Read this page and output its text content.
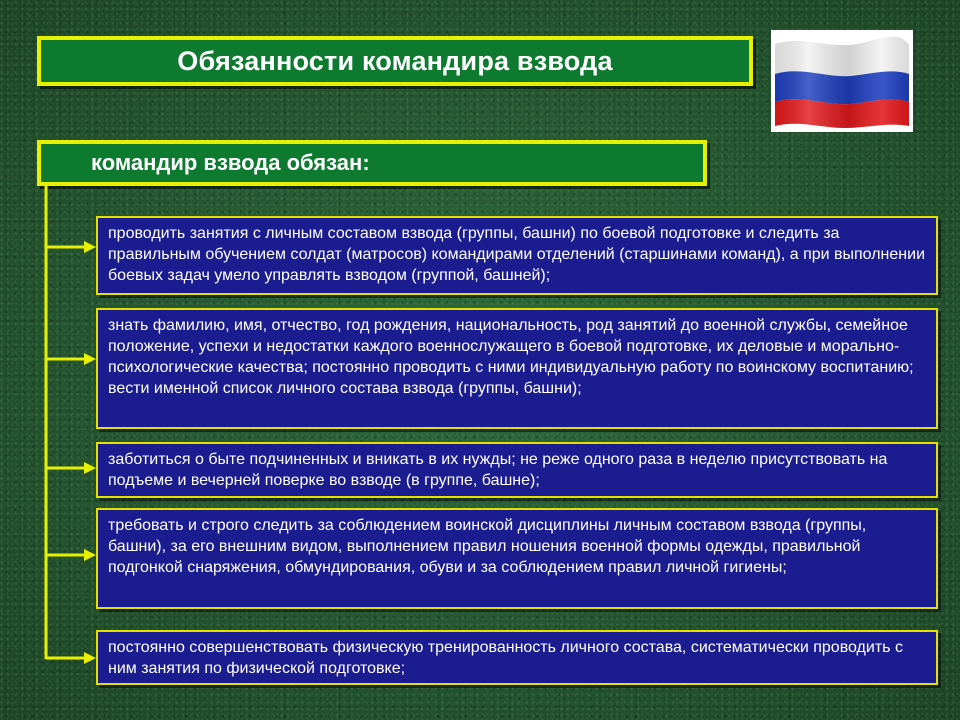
Обязанности командира взвода
командир взвода обязан:
проводить занятия с личным составом взвода (группы, башни) по боевой подготовке и следить за правильным обучением солдат (матросов) командирами отделений (старшинами команд), а при выполнении боевых задач умело управлять взводом (группой, башней);
знать фамилию, имя, отчество, год рождения, национальность, род занятий до военной службы, семейное положение, успехи и недостатки каждого военнослужащего в боевой подготовке, их деловые и морально-психологические качества; постоянно проводить с ними индивидуальную работу по воинскому воспитанию; вести именной список личного состава взвода (группы, башни);
заботиться о быте подчиненных и вникать в их нужды; не реже одного раза в неделю присутствовать на подъеме и вечерней поверке во взводе (в группе, башне);
требовать и строго следить за соблюдением воинской дисциплины личным составом взвода (группы, башни), за его внешним видом, выполнением правил ношения военной формы одежды, правильной подгонкой снаряжения, обмундирования, обуви и за соблюдением правил личной гигиены;
постоянно совершенствовать физическую тренированность личного состава, систематически проводить с ним занятия по физической подготовке;
